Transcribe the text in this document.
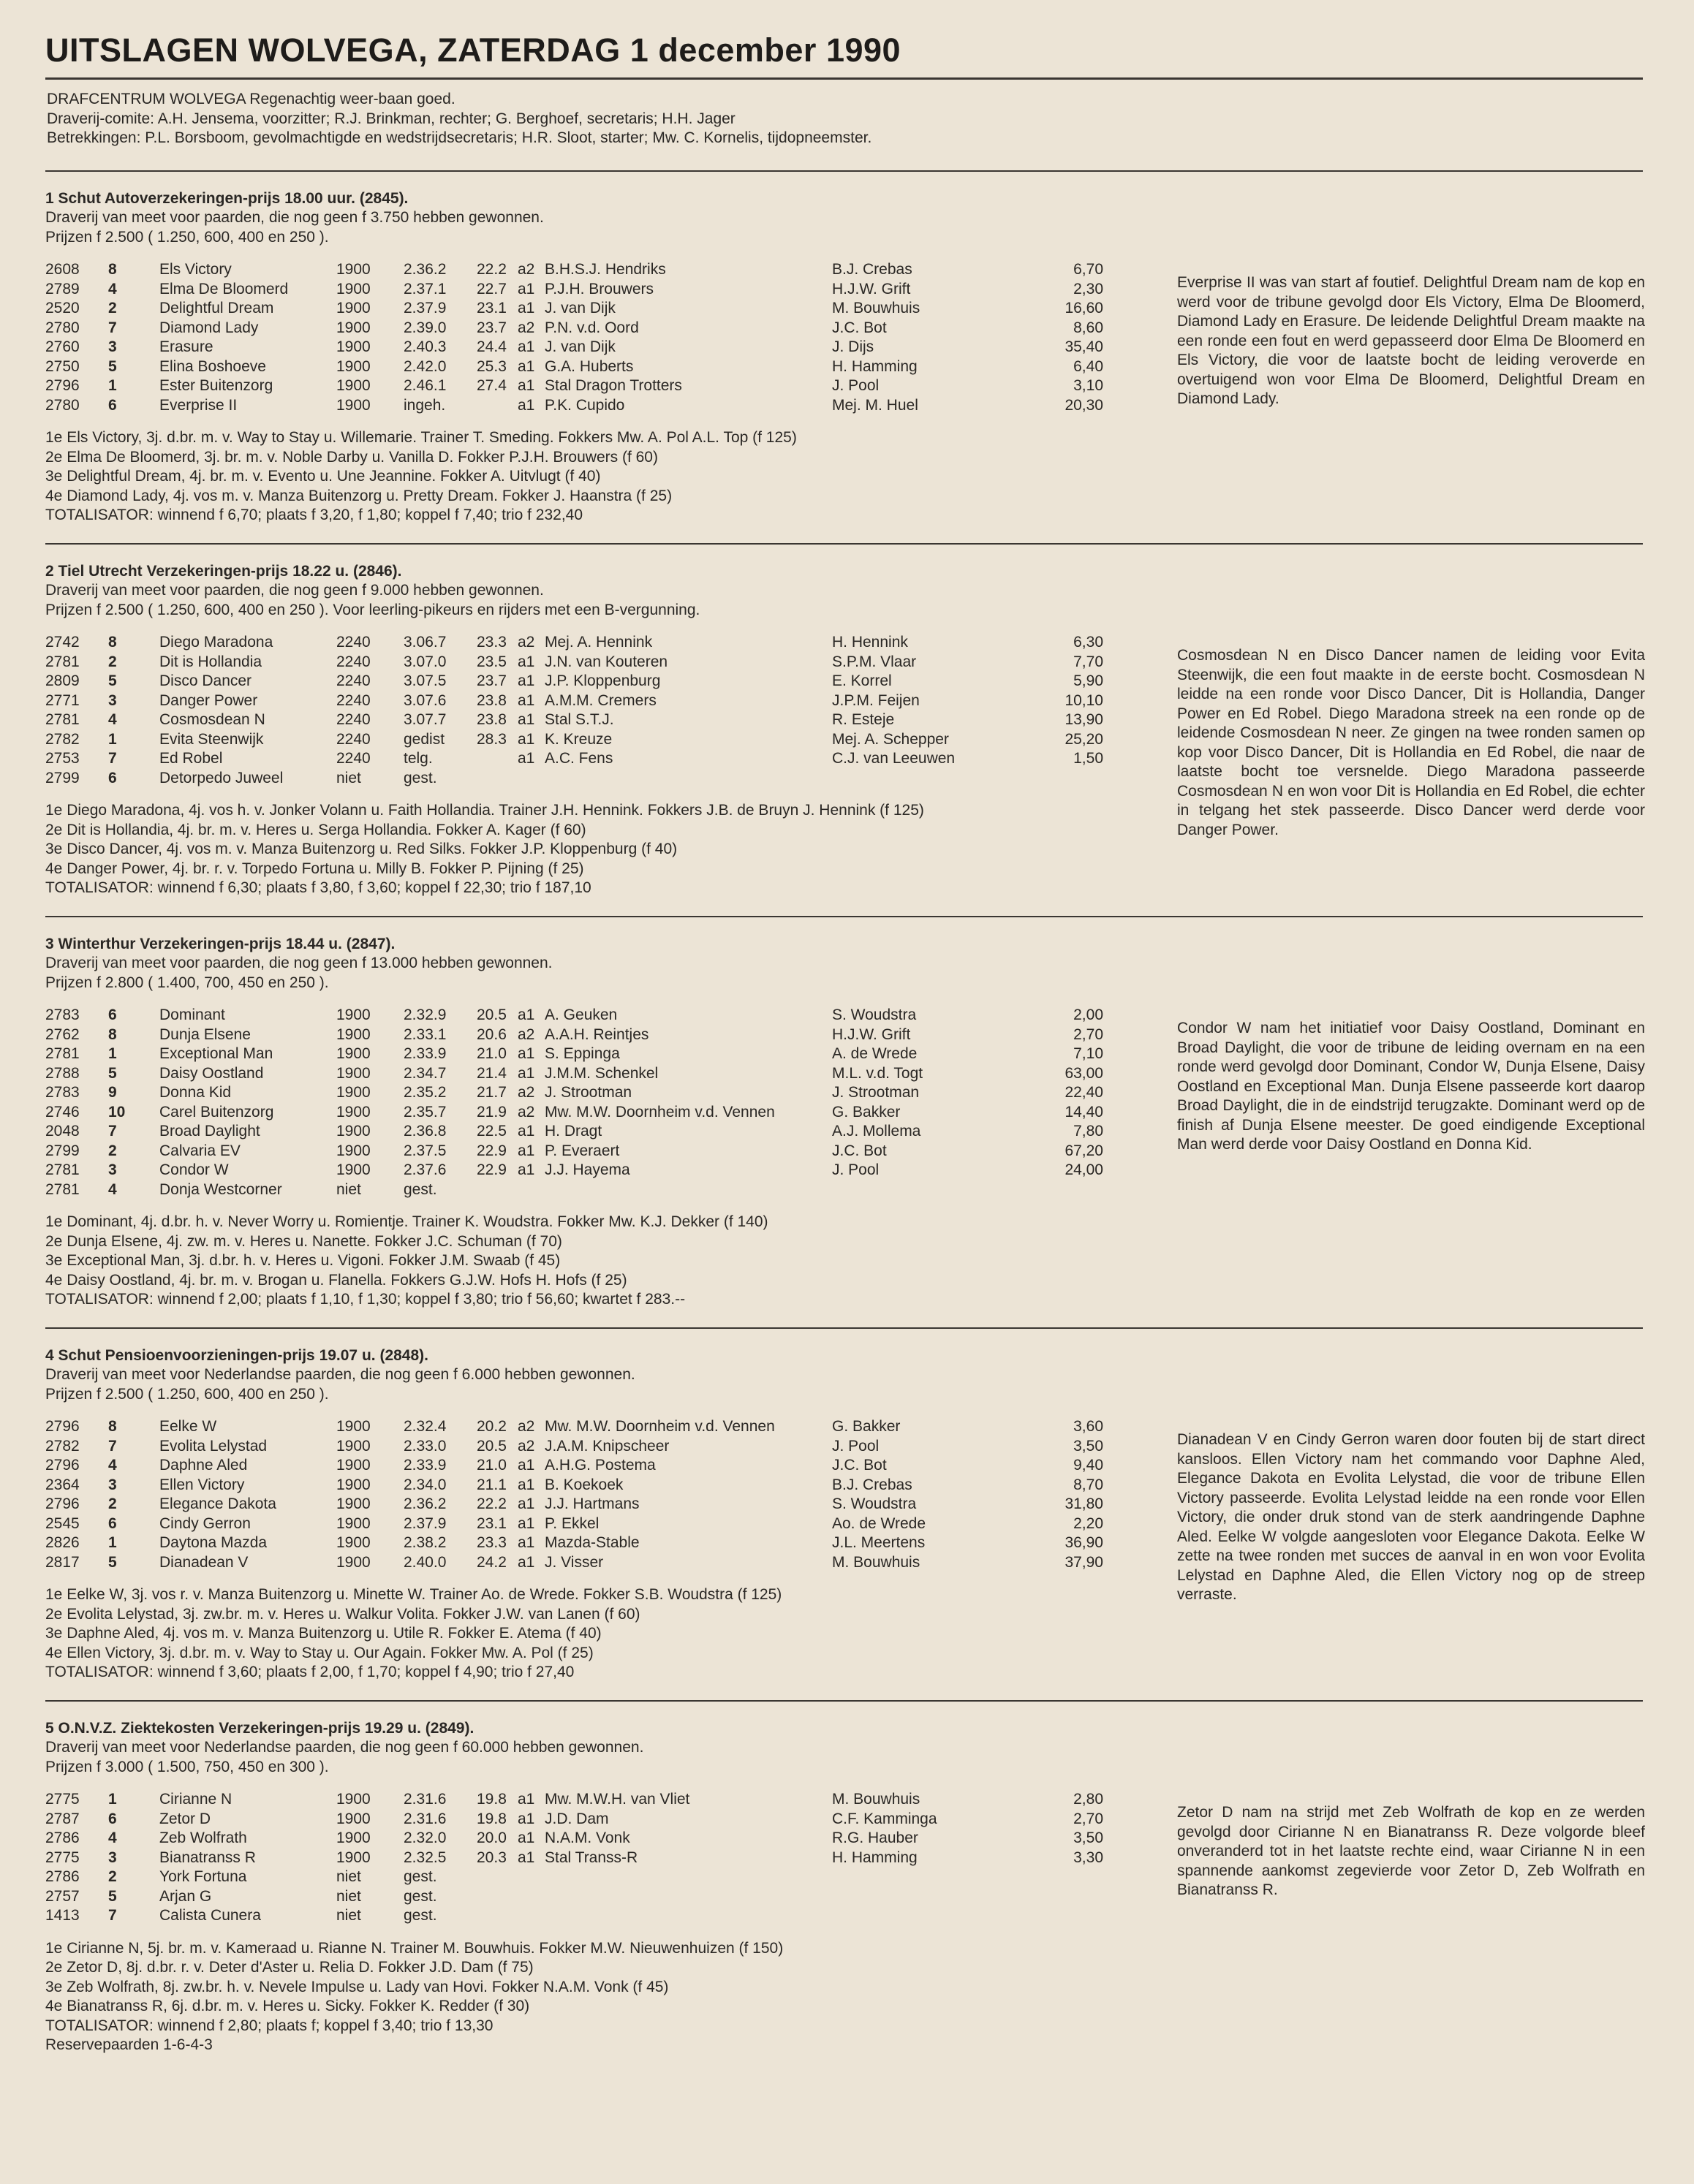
UITSLAGEN WOLVEGA, ZATERDAG 1 december 1990
DRAFCENTRUM WOLVEGA Regenachtig weer-baan goed.
Draverij-comite: A.H. Jensema, voorzitter; R.J. Brinkman, rechter; G. Berghoef, secretaris; H.H. Jager
Betrekkingen: P.L. Borsboom, gevolmachtigde en wedstrijdsecretaris; H.R. Sloot, starter; Mw. C. Kornelis, tijdopneemster.
1 Schut Autoverzekeringen-prijs 18.00 uur. (2845).
Draverij van meet voor paarden, die nog geen f 3.750 hebben gewonnen.
Prijzen f 2.500 ( 1.250, 600, 400 en 250 ).
2608	8	Els Victory	1900	2.36.2	22.2	a2	B.H.S.J. Hendriks	B.J. Crebas	6,70
2789	4	Elma De Bloomerd	1900	2.37.1	22.7	a1	P.J.H. Brouwers	H.J.W. Grift	2,30
2520	2	Delightful Dream	1900	2.37.9	23.1	a1	J. van Dijk	M. Bouwhuis	16,60
2780	7	Diamond Lady	1900	2.39.0	23.7	a2	P.N. v.d. Oord	J.C. Bot	8,60
2760	3	Erasure	1900	2.40.3	24.4	a1	J. van Dijk	J. Dijs	35,40
2750	5	Elina Boshoeve	1900	2.42.0	25.3	a1	G.A. Huberts	H. Hamming	6,40
2796	1	Ester Buitenzorg	1900	2.46.1	27.4	a1	Stal Dragon Trotters	J. Pool	3,10
2780	6	Everprise II	1900	ingeh.		a1	P.K. Cupido	Mej. M. Huel	20,30
Everprise II was van start af foutief. Delightful Dream nam de kop en werd voor de tribune gevolgd door Els Victory, Elma De Bloomerd, Diamond Lady en Erasure. De leidende Delightful Dream maakte na een ronde een fout en werd gepasseerd door Elma De Bloomerd en Els Victory, die voor de laatste bocht de leiding veroverde en overtuigend won voor Elma De Bloomerd, Delightful Dream en Diamond Lady.
1e Els Victory, 3j. d.br. m. v. Way to Stay u. Willemarie. Trainer T. Smeding. Fokkers Mw. A. Pol A.L. Top (f 125)
2e Elma De Bloomerd, 3j. br. m. v. Noble Darby u. Vanilla D. Fokker P.J.H. Brouwers (f 60)
3e Delightful Dream, 4j. br. m. v. Evento u. Une Jeannine. Fokker A. Uitvlugt (f 40)
4e Diamond Lady, 4j. vos m. v. Manza Buitenzorg u. Pretty Dream. Fokker J. Haanstra (f 25)
TOTALISATOR: winnend f 6,70; plaats f 3,20, f 1,80; koppel f 7,40; trio f 232,40
2 Tiel Utrecht Verzekeringen-prijs 18.22 u. (2846).
Draverij van meet voor paarden, die nog geen f 9.000 hebben gewonnen.
Prijzen f 2.500 ( 1.250, 600, 400 en 250 ). Voor leerling-pikeurs en rijders met een B-vergunning.
2742	8	Diego Maradona	2240	3.06.7	23.3	a2	Mej. A. Hennink	H. Hennink	6,30
2781	2	Dit is Hollandia	2240	3.07.0	23.5	a1	J.N. van Kouteren	S.P.M. Vlaar	7,70
2809	5	Disco Dancer	2240	3.07.5	23.7	a1	J.P. Kloppenburg	E. Korrel	5,90
2771	3	Danger Power	2240	3.07.6	23.8	a1	A.M.M. Cremers	J.P.M. Feijen	10,10
2781	4	Cosmosdean N	2240	3.07.7	23.8	a1	Stal S.T.J.	R. Esteje	13,90
2782	1	Evita Steenwijk	2240	gedist	28.3	a1	K. Kreuze	Mej. A. Schepper	25,20
2753	7	Ed Robel	2240	telg.		a1	A.C. Fens	C.J. van Leeuwen	1,50
2799	6	Detorpedo Juweel	niet	gest.					
Cosmosdean N en Disco Dancer namen de leiding voor Evita Steenwijk, die een fout maakte in de eerste bocht. Cosmosdean N leidde na een ronde voor Disco Dancer, Dit is Hollandia, Danger Power en Ed Robel. Diego Maradona streek na een ronde op de leidende Cosmosdean N neer. Ze gingen na twee ronden samen op kop voor Disco Dancer, Dit is Hollandia en Ed Robel, die naar de laatste bocht toe versnelde. Diego Maradona passeerde Cosmosdean N en won voor Dit is Hollandia en Ed Robel, die echter in telgang het stek passeerde. Disco Dancer werd derde voor Danger Power.
1e Diego Maradona, 4j. vos h. v. Jonker Volann u. Faith Hollandia. Trainer J.H. Hennink. Fokkers J.B. de Bruyn J. Hennink (f 125)
2e Dit is Hollandia, 4j. br. m. v. Heres u. Serga Hollandia. Fokker A. Kager (f 60)
3e Disco Dancer, 4j. vos m. v. Manza Buitenzorg u. Red Silks. Fokker J.P. Kloppenburg (f 40)
4e Danger Power, 4j. br. r. v. Torpedo Fortuna u. Milly B. Fokker P. Pijning (f 25)
TOTALISATOR: winnend f 6,30; plaats f 3,80, f 3,60; koppel f 22,30; trio f 187,10
3 Winterthur Verzekeringen-prijs 18.44 u. (2847).
Draverij van meet voor paarden, die nog geen f 13.000 hebben gewonnen.
Prijzen f 2.800 ( 1.400, 700, 450 en 250 ).
2783	6	Dominant	1900	2.32.9	20.5	a1	A. Geuken	S. Woudstra	2,00
2762	8	Dunja Elsene	1900	2.33.1	20.6	a2	A.A.H. Reintjes	H.J.W. Grift	2,70
2781	1	Exceptional Man	1900	2.33.9	21.0	a1	S. Eppinga	A. de Wrede	7,10
2788	5	Daisy Oostland	1900	2.34.7	21.4	a1	J.M.M. Schenkel	M.L. v.d. Togt	63,00
2783	9	Donna Kid	1900	2.35.2	21.7	a2	J. Strootman	J. Strootman	22,40
2746	10	Carel Buitenzorg	1900	2.35.7	21.9	a2	Mw. M.W. Doornheim v.d. Vennen	G. Bakker	14,40
2048	7	Broad Daylight	1900	2.36.8	22.5	a1	H. Dragt	A.J. Mollema	7,80
2799	2	Calvaria EV	1900	2.37.5	22.9	a1	P. Everaert	J.C. Bot	67,20
2781	3	Condor W	1900	2.37.6	22.9	a1	J.J. Hayema	J. Pool	24,00
2781	4	Donja Westcorner	niet	gest.					
Condor W nam het initiatief voor Daisy Oostland, Dominant en Broad Daylight, die voor de tribune de leiding overnam en na een ronde werd gevolgd door Dominant, Condor W, Dunja Elsene, Daisy Oostland en Exceptional Man. Dunja Elsene passeerde kort daarop Broad Daylight, die in de eindstrijd terugzakte. Dominant werd op de finish af Dunja Elsene meester. De goed eindigende Exceptional Man werd derde voor Daisy Oostland en Donna Kid.
1e Dominant, 4j. d.br. h. v. Never Worry u. Romientje. Trainer K. Woudstra. Fokker Mw. K.J. Dekker (f 140)
2e Dunja Elsene, 4j. zw. m. v. Heres u. Nanette. Fokker J.C. Schuman (f 70)
3e Exceptional Man, 3j. d.br. h. v. Heres u. Vigoni. Fokker J.M. Swaab (f 45)
4e Daisy Oostland, 4j. br. m. v. Brogan u. Flanella. Fokkers G.J.W. Hofs H. Hofs (f 25)
TOTALISATOR: winnend f 2,00; plaats f 1,10, f 1,30; koppel f 3,80; trio f 56,60; kwartet f 283.--
4 Schut Pensioenvoorzieningen-prijs 19.07 u. (2848).
Draverij van meet voor Nederlandse paarden, die nog geen f 6.000 hebben gewonnen.
Prijzen f 2.500 ( 1.250, 600, 400 en 250 ).
2796	8	Eelke W	1900	2.32.4	20.2	a2	Mw. M.W. Doornheim v.d. Vennen	G. Bakker	3,60
2782	7	Evolita Lelystad	1900	2.33.0	20.5	a2	J.A.M. Knipscheer	J. Pool	3,50
2796	4	Daphne Aled	1900	2.33.9	21.0	a1	A.H.G. Postema	J.C. Bot	9,40
2364	3	Ellen Victory	1900	2.34.0	21.1	a1	B. Koekoek	B.J. Crebas	8,70
2796	2	Elegance Dakota	1900	2.36.2	22.2	a1	J.J. Hartmans	S. Woudstra	31,80
2545	6	Cindy Gerron	1900	2.37.9	23.1	a1	P. Ekkel	Ao. de Wrede	2,20
2826	1	Daytona Mazda	1900	2.38.2	23.3	a1	Mazda-Stable	J.L. Meertens	36,90
2817	5	Dianadean V	1900	2.40.0	24.2	a1	J. Visser	M. Bouwhuis	37,90
Dianadean V en Cindy Gerron waren door fouten bij de start direct kansloos. Ellen Victory nam het commando voor Daphne Aled, Elegance Dakota en Evolita Lelystad, die voor de tribune Ellen Victory passeerde. Evolita Lelystad leidde na een ronde voor Ellen Victory, die onder druk stond van de sterk aandringende Daphne Aled. Eelke W volgde aangesloten voor Elegance Dakota. Eelke W zette na twee ronden met succes de aanval in en won voor Evolita Lelystad en Daphne Aled, die Ellen Victory nog op de streep verraste.
1e Eelke W, 3j. vos r. v. Manza Buitenzorg u. Minette W. Trainer Ao. de Wrede. Fokker S.B. Woudstra (f 125)
2e Evolita Lelystad, 3j. zw.br. m. v. Heres u. Walkur Volita. Fokker J.W. van Lanen (f 60)
3e Daphne Aled, 4j. vos m. v. Manza Buitenzorg u. Utile R. Fokker E. Atema (f 40)
4e Ellen Victory, 3j. d.br. m. v. Way to Stay u. Our Again. Fokker Mw. A. Pol (f 25)
TOTALISATOR: winnend f 3,60; plaats f 2,00, f 1,70; koppel f 4,90; trio f 27,40
5 O.N.V.Z. Ziektekosten Verzekeringen-prijs 19.29 u. (2849).
Draverij van meet voor Nederlandse paarden, die nog geen f 60.000 hebben gewonnen.
Prijzen f 3.000 ( 1.500, 750, 450 en 300 ).
2775	1	Cirianne N	1900	2.31.6	19.8	a1	Mw. M.W.H. van Vliet	M. Bouwhuis	2,80
2787	6	Zetor D	1900	2.31.6	19.8	a1	J.D. Dam	C.F. Kamminga	2,70
2786	4	Zeb Wolfrath	1900	2.32.0	20.0	a1	N.A.M. Vonk	R.G. Hauber	3,50
2775	3	Bianatranss R	1900	2.32.5	20.3	a1	Stal Transs-R	H. Hamming	3,30
2786	2	York Fortuna	niet	gest.					
2757	5	Arjan G	niet	gest.					
1413	7	Calista Cunera	niet	gest.					
Zetor D nam na strijd met Zeb Wolfrath de kop en ze werden gevolgd door Cirianne N en Bianatranss R. Deze volgorde bleef onveranderd tot in het laatste rechte eind, waar Cirianne N in een spannende aankomst zegevierde voor Zetor D, Zeb Wolfrath en Bianatranss R.
1e Cirianne N, 5j. br. m. v. Kameraad u. Rianne N. Trainer M. Bouwhuis. Fokker M.W. Nieuwenhuizen (f 150)
2e Zetor D, 8j. d.br. r. v. Deter d'Aster u. Relia D. Fokker J.D. Dam (f 75)
3e Zeb Wolfrath, 8j. zw.br. h. v. Nevele Impulse u. Lady van Hovi. Fokker N.A.M. Vonk (f 45)
4e Bianatranss R, 6j. d.br. m. v. Heres u. Sicky. Fokker K. Redder (f 30)
TOTALISATOR: winnend f 2,80; plaats f; koppel f 3,40; trio f 13,30
Reservepaarden 1-6-4-3
